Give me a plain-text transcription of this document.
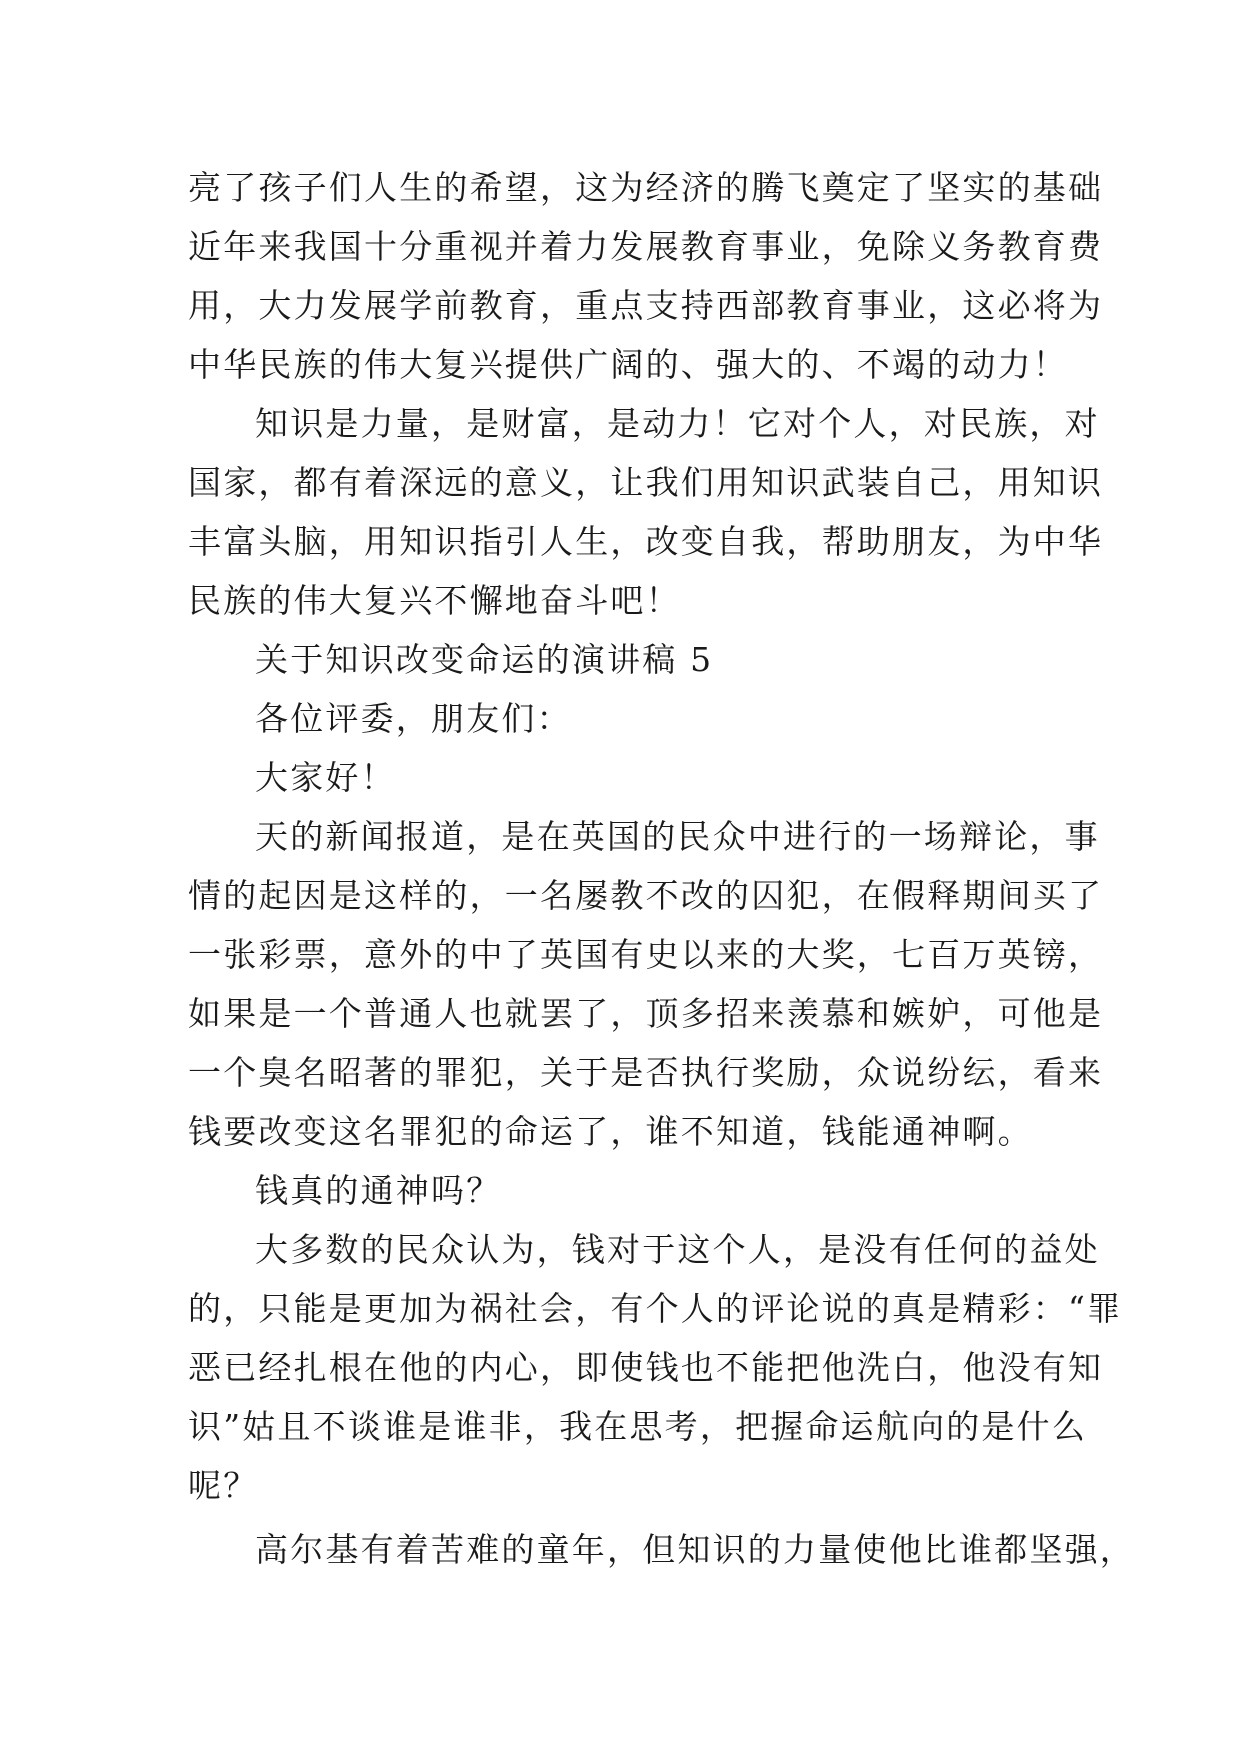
亮了孩子们人生的希望，这为经济的腾飞奠定了坚实的基础
近年来我国十分重视并着力发展教育事业，免除义务教育费
用，大力发展学前教育，重点支持西部教育事业，这必将为
中华民族的伟大复兴提供广阔的、强大的、不竭的动力！
知识是力量，是财富，是动力！它对个人，对民族，对
国家，都有着深远的意义，让我们用知识武装自己，用知识
丰富头脑，用知识指引人生，改变自我，帮助朋友，为中华
民族的伟大复兴不懈地奋斗吧！
关于知识改变命运的演讲稿 5
各位评委，朋友们：
大家好！
天的新闻报道，是在英国的民众中进行的一场辩论，事
情的起因是这样的，一名屡教不改的囚犯，在假释期间买了
一张彩票，意外的中了英国有史以来的大奖，七百万英镑，
如果是一个普通人也就罢了，顶多招来羡慕和嫉妒，可他是
一个臭名昭著的罪犯，关于是否执行奖励，众说纷纭，看来
钱要改变这名罪犯的命运了，谁不知道，钱能通神啊。
钱真的通神吗？
大多数的民众认为，钱对于这个人，是没有任何的益处
的，只能是更加为祸社会，有个人的评论说的真是精彩：“罪
恶已经扎根在他的内心，即使钱也不能把他洗白，他没有知
识”姑且不谈谁是谁非，我在思考，把握命运航向的是什么
呢？
高尔基有着苦难的童年，但知识的力量使他比谁都坚强，
